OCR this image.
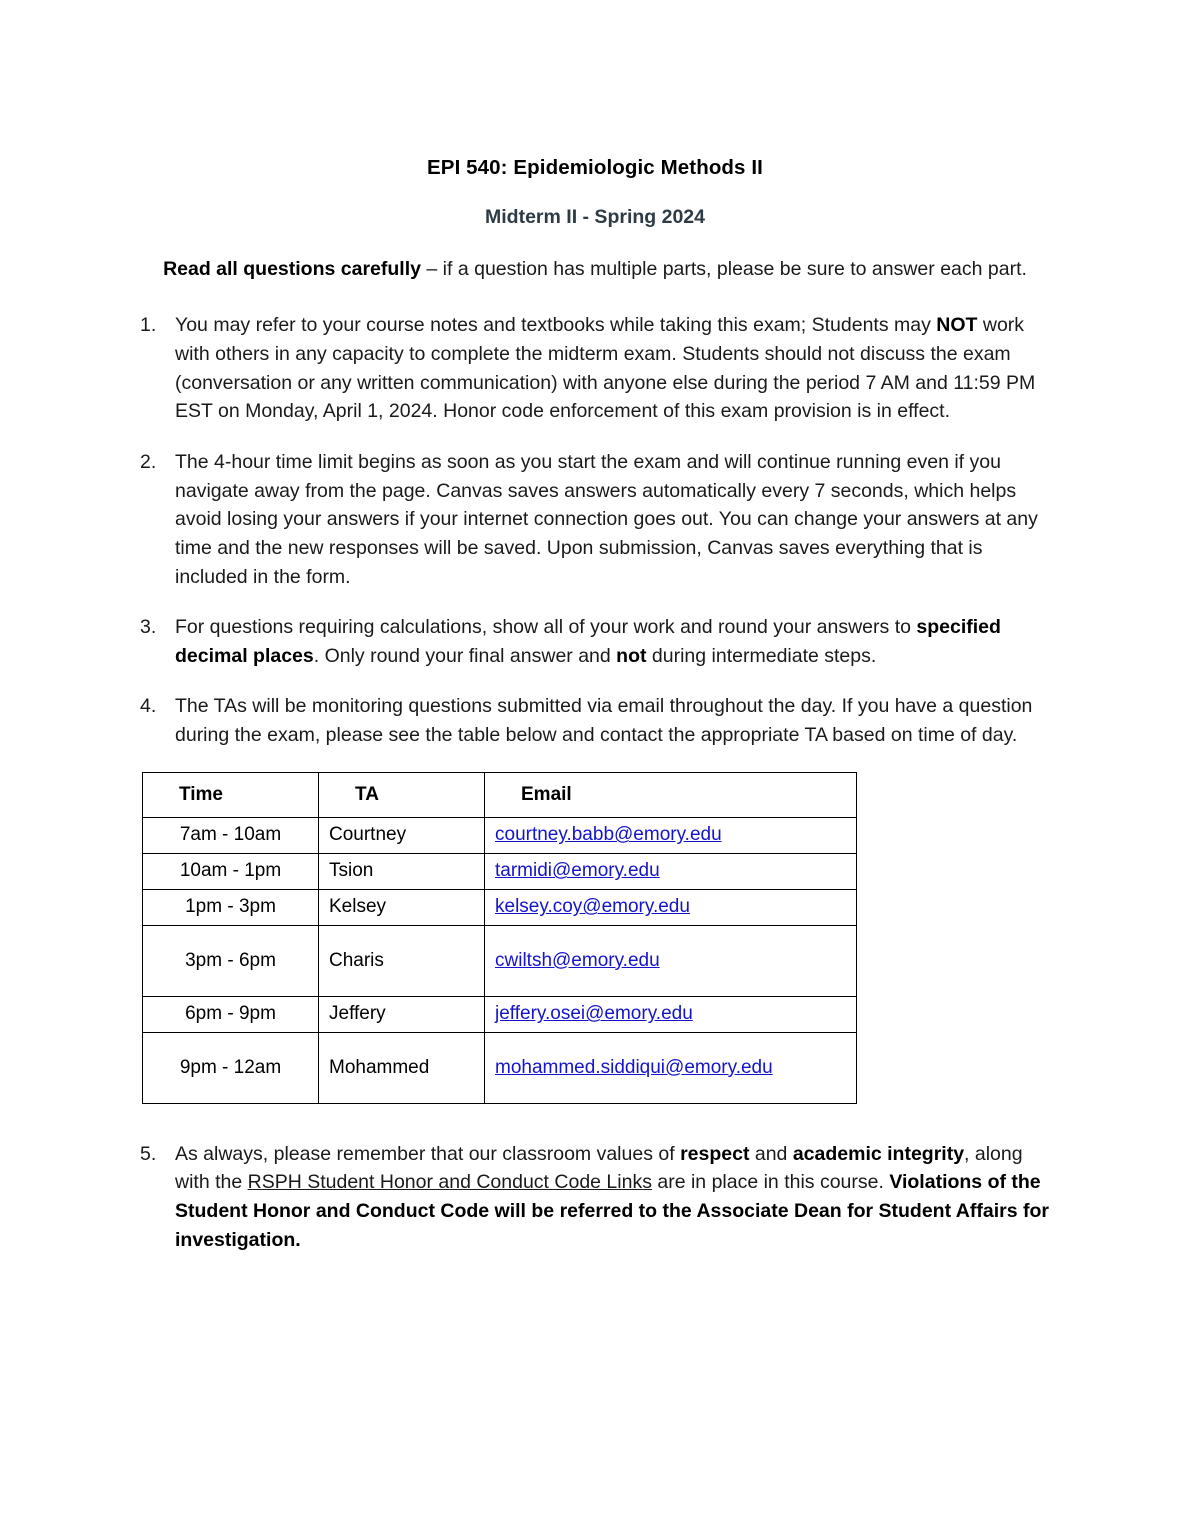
EPI 540: Epidemiologic Methods II
Midterm II - Spring 2024

Read all questions carefully – if a question has multiple parts, please be sure to answer each part.

You may refer to your course notes and textbooks while taking this exam; Students may NOT work with others in any capacity to complete the midterm exam. Students should not discuss the exam (conversation or any written communication) with anyone else during the period 7 AM and 11:59 PM EST on Monday, April 1, 2024. Honor code enforcement of this exam provision is in effect.
The 4-hour time limit begins as soon as you start the exam and will continue running even if you navigate away from the page. Canvas saves answers automatically every 7 seconds, which helps avoid losing your answers if your internet connection goes out. You can change your answers at any time and the new responses will be saved. Upon submission, Canvas saves everything that is included in the form.
For questions requiring calculations, show all of your work and round your answers to specified decimal places. Only round your final answer and not during intermediate steps.
The TAs will be monitoring questions submitted via email throughout the day. If you have a question during the exam, please see the table below and contact the appropriate TA based on time of day.
Time	TA	Email
7am - 10am	Courtney	courtney.babb@emory.edu
10am - 1pm	Tsion	tarmidi@emory.edu
1pm - 3pm	Kelsey	kelsey.coy@emory.edu
3pm - 6pm	Charis	cwiltsh@emory.edu
6pm - 9pm	Jeffery	jeffery.osei@emory.edu
9pm - 12am	Mohammed	mohammed.siddiqui@emory.edu
As always, please remember that our classroom values of respect and academic integrity, along with the RSPH Student Honor and Conduct Code Links are in place in this course. Violations of the Student Honor and Conduct Code will be referred to the Associate Dean for Student Affairs for investigation.
